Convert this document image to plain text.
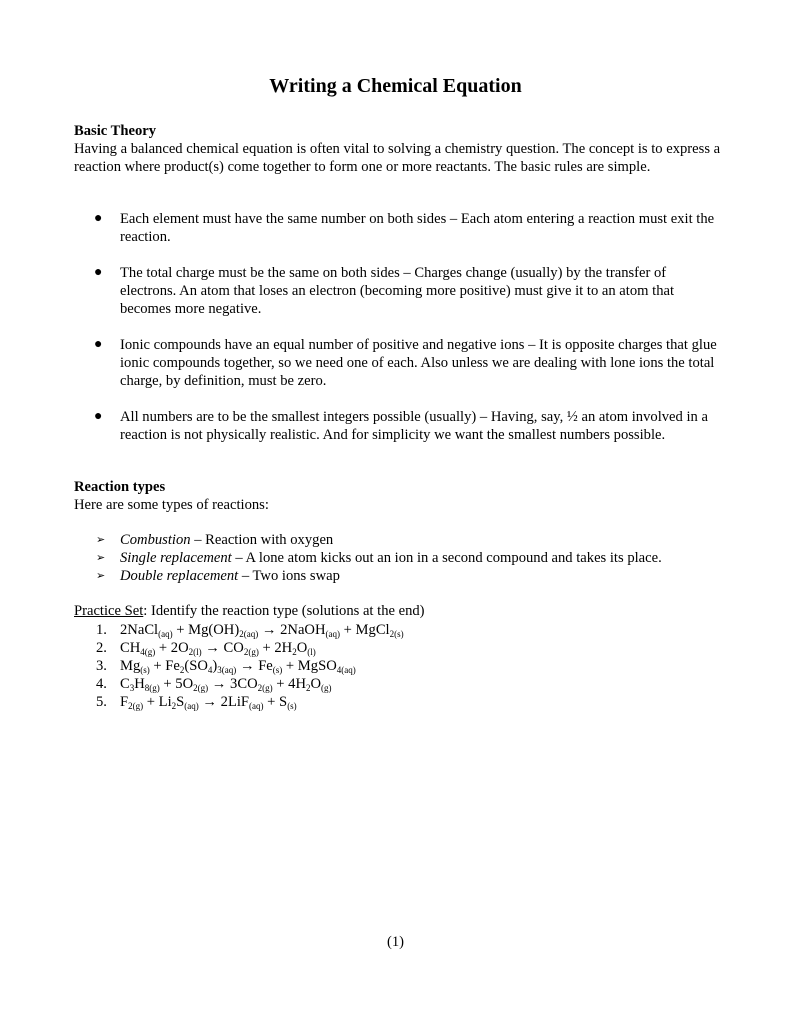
Writing a Chemical Equation
Basic Theory

Having a balanced chemical equation is often vital to solving a chemistry question. The concept is to express a reaction where product(s) come together to form one or more reactants. The basic rules are simple.

● Each element must have the same number on both sides – Each atom entering a reaction must exit the reaction.
● The total charge must be the same on both sides – Charges change (usually) by the transfer of electrons. An atom that loses an electron (becoming more positive) must give it to an atom that becomes more negative.
● Ionic compounds have an equal number of positive and negative ions – It is opposite charges that glue ionic compounds together, so we need one of each. Also unless we are dealing with lone ions the total charge, by definition, must be zero.
● All numbers are to be the smallest integers possible (usually) – Having, say, ½ an atom involved in a reaction is not physically realistic. And for simplicity we want the smallest numbers possible.
Reaction types
Here are some types of reactions:
➢ Combustion – Reaction with oxygen
➢ Single replacement – A lone atom kicks out an ion in a second compound and takes its place.
➢ Double replacement – Two ions swap
Practice Set: Identify the reaction type (solutions at the end)
1. 2NaCl$_{(aq)}$ + $Mg(OH)_{2(aq)}$ → 2NaOH$_{(aq)}$ + MgCl$_{2(s)}$
2. $CH_{4(g)} + 2O_{2(l)} \to CO_{2(g)} + 2H_2O_{(l)}$
3. $Mg_{(s)} + Fe_2(SO_4)_{3(aq)} \to Fe_{(s)}$ + MgSO$_{4(aq)}$
4. $C_3H_{8(g)} + 5O_{2(g)} \to 3CO_{2(g)} + 4H_2O_{(g)}$
5. $F_{2(g)} + Li_2S_{(aq)} \to 2LiF_{(aq)} + S_{(s)}$
(1)
